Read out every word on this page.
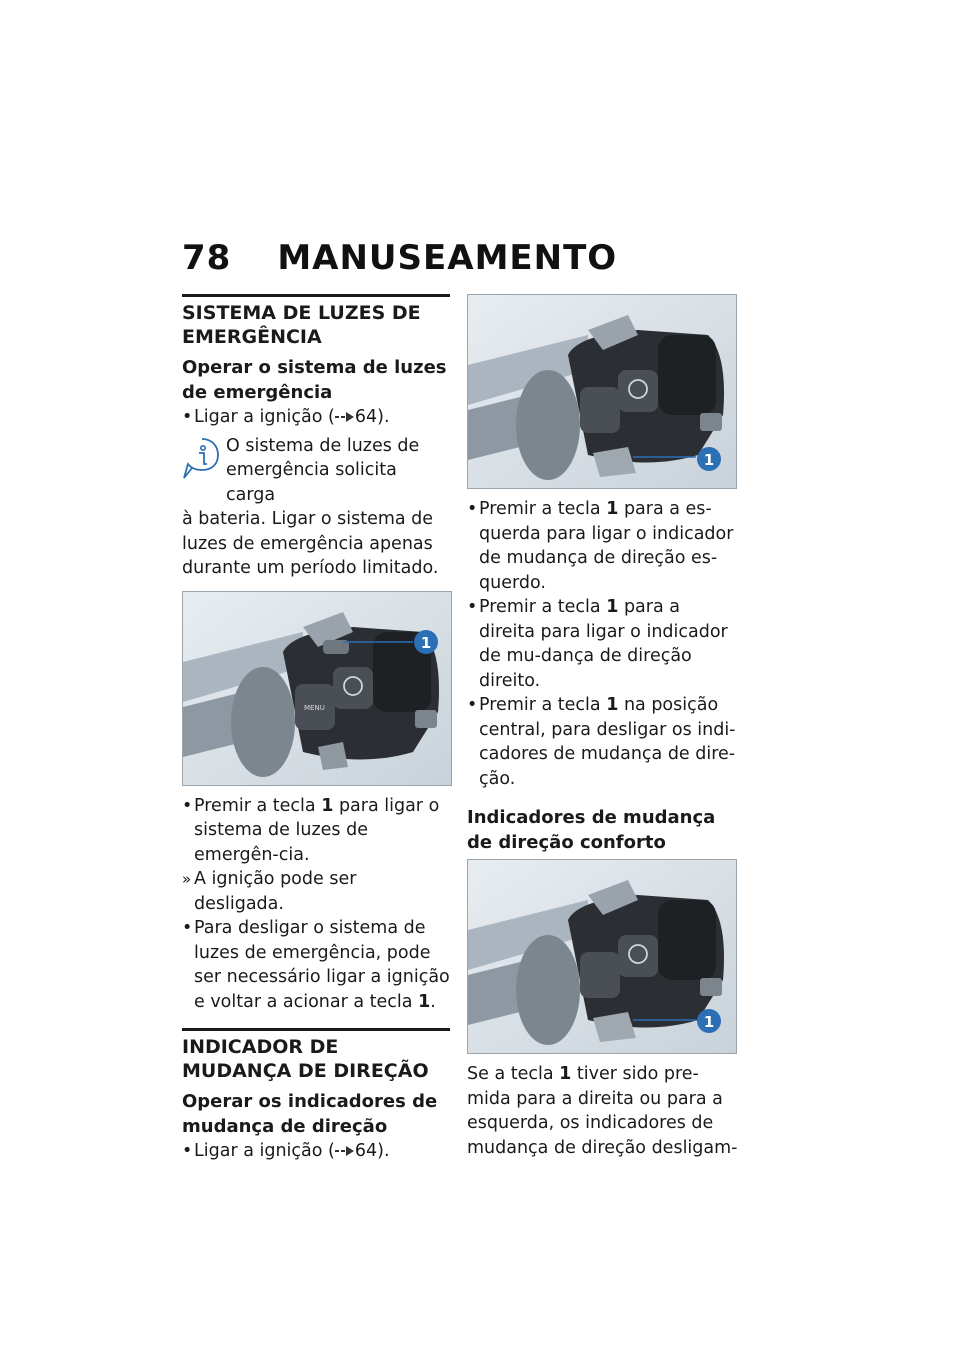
78 MANUSEAMENTO
SISTEMA DE LUZES DE EMERGÊNCIA
Operar o sistema de luzes de emergência

• Ligar a ignição ( 64).

O sistema de luzes de

emergência solicita carga

à bateria. Ligar o sistema de luzes de emergência apenas durante um período limitado.

MENU
1

• Premir a tecla 1 para ligar o sistema de luzes de emergên-cia.

» A ignição pode ser desligada.

• Para desligar o sistema de luzes de emergência, pode ser necessário ligar a ignição e voltar a acionar a tecla 1.

INDICADOR DE MUDANÇA DE DIREÇÃO
Operar os indicadores de mudança de direção

• Ligar a ignição ( 64).

1

• Premir a tecla 1 para a es-querda para ligar o indicador de mudança de direção es-querdo.

• Premir a tecla 1 para a direita para ligar o indicador de mu-dança de direção direito.

• Premir a tecla 1 na posição central, para desligar os indi-cadores de mudança de dire-ção.

Indicadores de mudança de direção conforto
1

Se a tecla 1 tiver sido pre-mida para a direita ou para a esquerda, os indicadores de mudança de direção desligam-
